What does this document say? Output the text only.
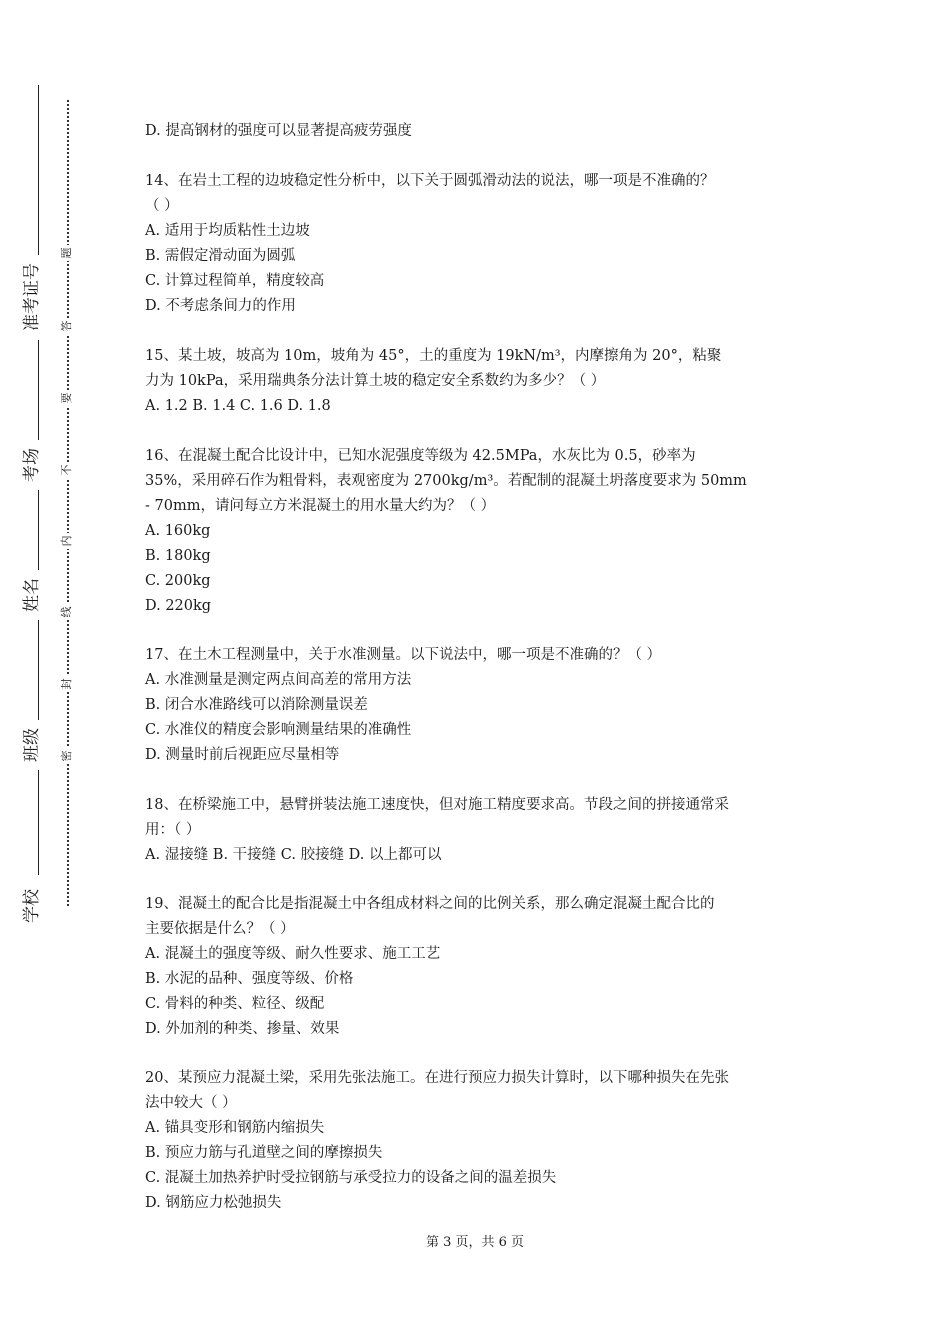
准考证号
考场
姓名
班级
学校
题
答
要
不
内
线
封
密
D. 提高钢材的强度可以显著提高疲劳强度
14、在岩土工程的边坡稳定性分析中，以下关于圆弧滑动法的说法，哪一项是不准确的？
（ ）
A. 适用于均质粘性土边坡
B. 需假定滑动面为圆弧
C. 计算过程简单，精度较高
D. 不考虑条间力的作用
15、某土坡，坡高为 10m，坡角为 45°，土的重度为 19kN/m³，内摩擦角为 20°，粘聚
力为 10kPa，采用瑞典条分法计算土坡的稳定安全系数约为多少？（ ）
A. 1.2 B. 1.4 C. 1.6 D. 1.8
16、在混凝土配合比设计中，已知水泥强度等级为 42.5MPa，水灰比为 0.5，砂率为
35%，采用碎石作为粗骨料，表观密度为 2700kg/m³。若配制的混凝土坍落度要求为 50mm
- 70mm，请问每立方米混凝土的用水量大约为？（ ）
A. 160kg
B. 180kg
C. 200kg
D. 220kg
17、在土木工程测量中，关于水准测量。以下说法中，哪一项是不准确的？（ ）
A. 水准测量是测定两点间高差的常用方法
B. 闭合水准路线可以消除测量误差
C. 水准仪的精度会影响测量结果的准确性
D. 测量时前后视距应尽量相等
18、在桥梁施工中，悬臂拼装法施工速度快，但对施工精度要求高。节段之间的拼接通常采
用：（ ）
A. 湿接缝 B. 干接缝 C. 胶接缝 D. 以上都可以
19、混凝土的配合比是指混凝土中各组成材料之间的比例关系，那么确定混凝土配合比的
主要依据是什么？（ ）
A. 混凝土的强度等级、耐久性要求、施工工艺
B. 水泥的品种、强度等级、价格
C. 骨料的种类、粒径、级配
D. 外加剂的种类、掺量、效果
20、某预应力混凝土梁，采用先张法施工。在进行预应力损失计算时，以下哪种损失在先张
法中较大（ ）
A. 锚具变形和钢筋内缩损失
B. 预应力筋与孔道壁之间的摩擦损失
C. 混凝土加热养护时受拉钢筋与承受拉力的设备之间的温差损失
D. 钢筋应力松弛损失
第 3 页，共 6 页
